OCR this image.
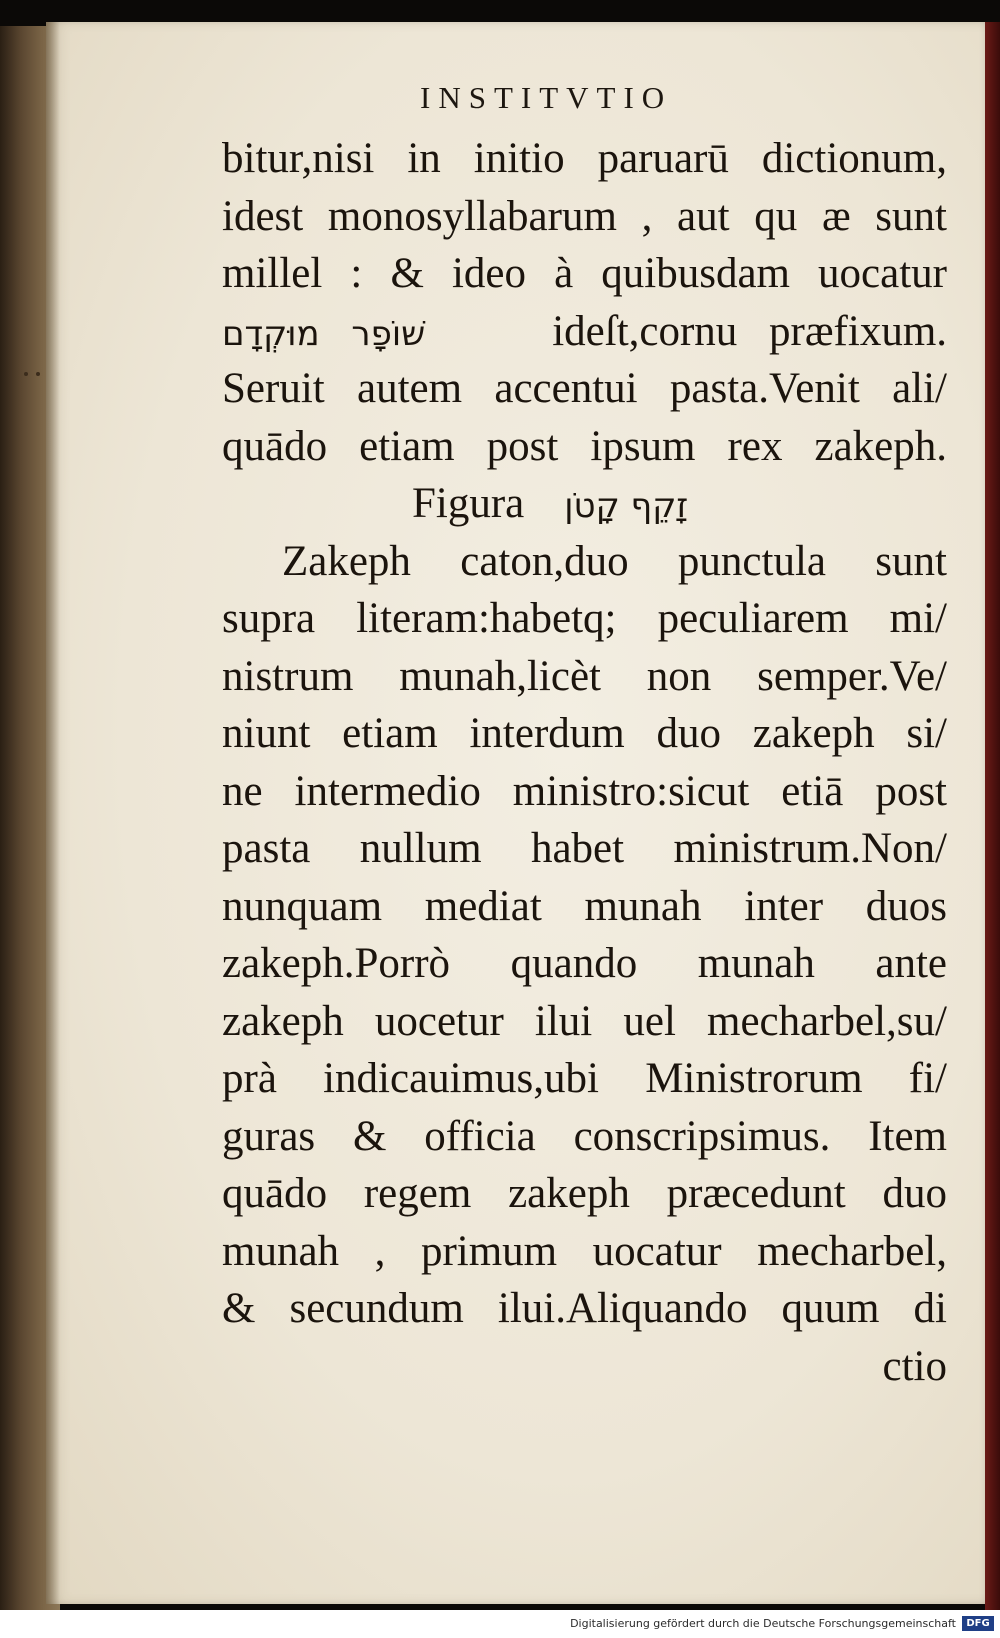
INSTITVTIO
bitur,nisi in initio paruarū dictionum,
idest monosyllabarum , aut qu æ sunt
millel : & ideo à quibusdam uocatur
שׁוֹפָר מוּקְדָם	ideſt,cornu præfixum.
Seruit autem accentui pasta.Venit ali/
quādo etiam post ipsum rex zakeph.
Figura זָקֵף קָטֹן
Zakeph caton,duo punctula sunt
supra literam:habetq; peculiarem mi/
nistrum munah,licèt non semper.Ve/
niunt etiam interdum duo zakeph si/
ne intermedio ministro:sicut etiā post
pasta nullum habet ministrum.Non/
nunquam mediat munah inter duos
zakeph.Porrò quando munah ante
zakeph uocetur ilui uel mecharbel,su/
prà indicauimus,ubi Ministrorum fi/
guras & officia conscripsimus. Item
quādo regem zakeph præcedunt duo
munah , primum uocatur mecharbel,
& secundum ilui.Aliquando quum di
ctio
Digitalisierung gefördert durch die Deutsche Forschungsgemeinschaft	DFG
